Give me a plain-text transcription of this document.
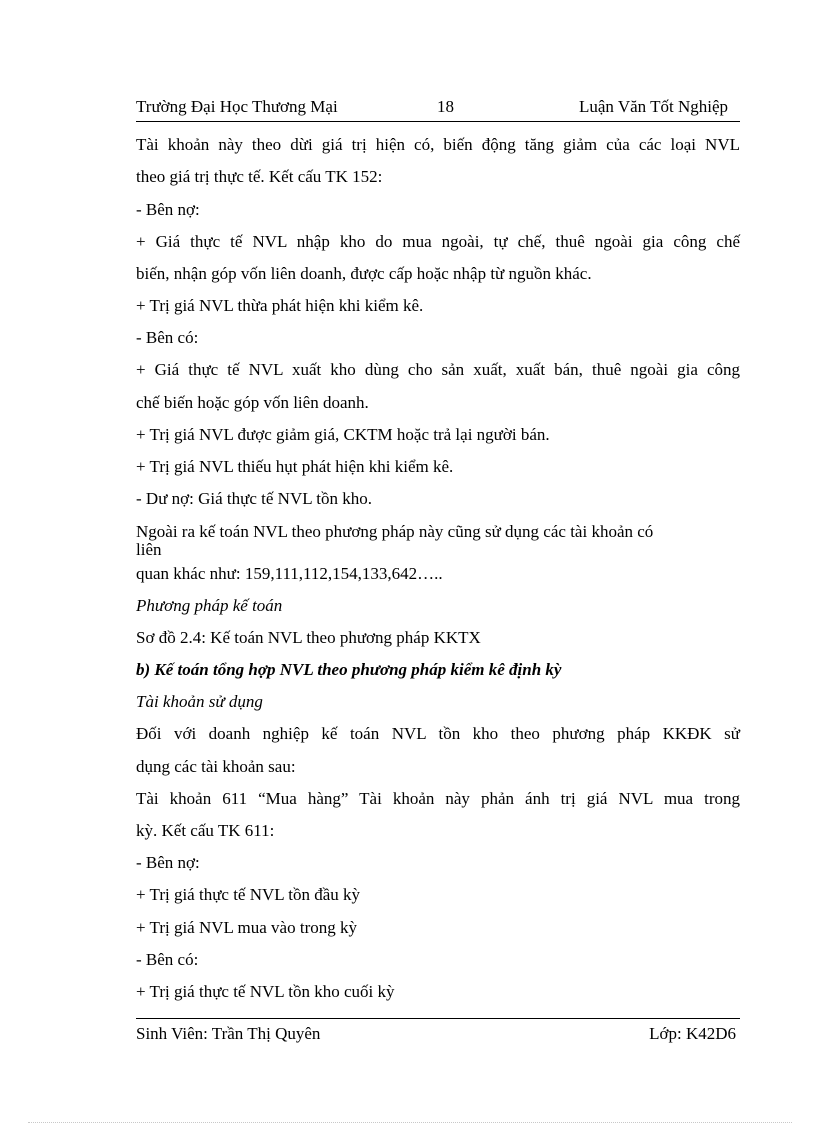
Trường Đại Học Thương Mại	18	Luận Văn Tốt Nghiệp
Tài khoản này theo dừi giá trị hiện có, biến động tăng giảm của các loại NVL
theo giá trị thực tế. Kết cấu TK 152:
- Bên nợ:
+ Giá thực tế NVL nhập kho do mua ngoài, tự chế, thuê ngoài gia công chế
biến, nhận góp vốn liên doanh, được cấp hoặc nhập từ nguồn khác.
+ Trị giá NVL thừa phát hiện khi kiểm kê.
- Bên có:
+ Giá thực tế NVL xuất kho dùng cho sản xuất, xuất bán, thuê ngoài gia công
chế biến hoặc góp vốn liên doanh.
+ Trị giá NVL được giảm giá, CKTM hoặc trả lại người bán.
+ Trị giá NVL thiếu hụt phát hiện khi kiểm kê.
- Dư nợ: Giá thực tế NVL tồn kho.
Ngoài ra kế toán NVL theo phương pháp này cũng sử dụng các tài khoản có
liên
quan khác như: 159,111,112,154,133,642…..
Phương pháp kế toán
Sơ đồ 2.4: Kế toán NVL theo phương pháp KKTX
b) Kế toán tổng hợp NVL theo phương pháp kiểm kê định kỳ
Tài khoản sử dụng
Đối với doanh nghiệp kế toán NVL tồn kho theo phương pháp KKĐK sử
dụng các tài khoản sau:
Tài khoản 611 “Mua hàng” Tài khoản này phản ánh trị giá NVL mua trong
kỳ. Kết cấu TK 611:
- Bên nợ:
+ Trị giá thực tế NVL tồn đầu kỳ
+ Trị giá NVL mua vào trong kỳ
- Bên có:
+ Trị giá thực tế NVL tồn kho cuối kỳ
Sinh Viên: Trần Thị Quyên	Lớp: K42D6
